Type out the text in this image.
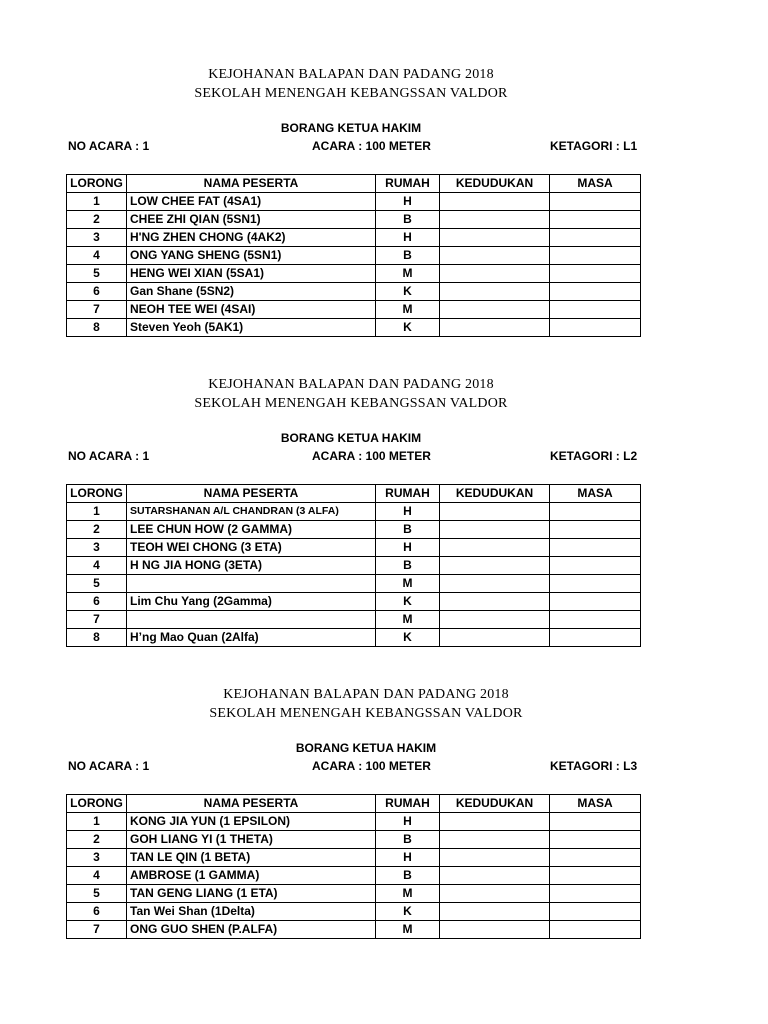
KEJOHANAN BALAPAN DAN PADANG 2018
SEKOLAH MENENGAH KEBANGSSAN VALDOR
BORANG KETUA HAKIM
NO ACARA : 1	ACARA : 100 METER	KETAGORI : L1
LORONG	NAMA PESERTA	RUMAH	KEDUDUKAN	MASA
1	LOW CHEE FAT (4SA1)	H		
2	CHEE ZHI QIAN (5SN1)	B		
3	H'NG ZHEN CHONG (4AK2)	H		
4	ONG YANG SHENG (5SN1)	B		
5	HENG WEI XIAN (5SA1)	M		
6	Gan Shane (5SN2)	K		
7	NEOH TEE WEI (4SAI)	M		
8	Steven Yeoh (5AK1)	K		
KEJOHANAN BALAPAN DAN PADANG 2018
SEKOLAH MENENGAH KEBANGSSAN VALDOR
BORANG KETUA HAKIM
NO ACARA : 1	ACARA : 100 METER	KETAGORI : L2
LORONG	NAMA PESERTA	RUMAH	KEDUDUKAN	MASA
1	SUTARSHANAN A/L CHANDRAN (3 ALFA)	H		
2	LEE CHUN HOW (2 GAMMA)	B		
3	TEOH WEI CHONG (3 ETA)	H		
4	H NG JIA HONG (3ETA)	B		
5		M		
6	Lim Chu Yang (2Gamma)	K		
7		M		
8	H’ng Mao Quan (2Alfa)	K		
KEJOHANAN BALAPAN DAN PADANG 2018
SEKOLAH MENENGAH KEBANGSSAN VALDOR
BORANG KETUA HAKIM
NO ACARA : 1	ACARA : 100 METER	KETAGORI : L3
LORONG	NAMA PESERTA	RUMAH	KEDUDUKAN	MASA
1	KONG JIA YUN (1 EPSILON)	H		
2	GOH LIANG YI (1 THETA)	B		
3	TAN LE QIN (1 BETA)	H		
4	AMBROSE (1 GAMMA)	B		
5	TAN GENG LIANG (1 ETA)	M		
6	Tan Wei Shan (1Delta)	K		
7	ONG GUO SHEN (P.ALFA)	M		
